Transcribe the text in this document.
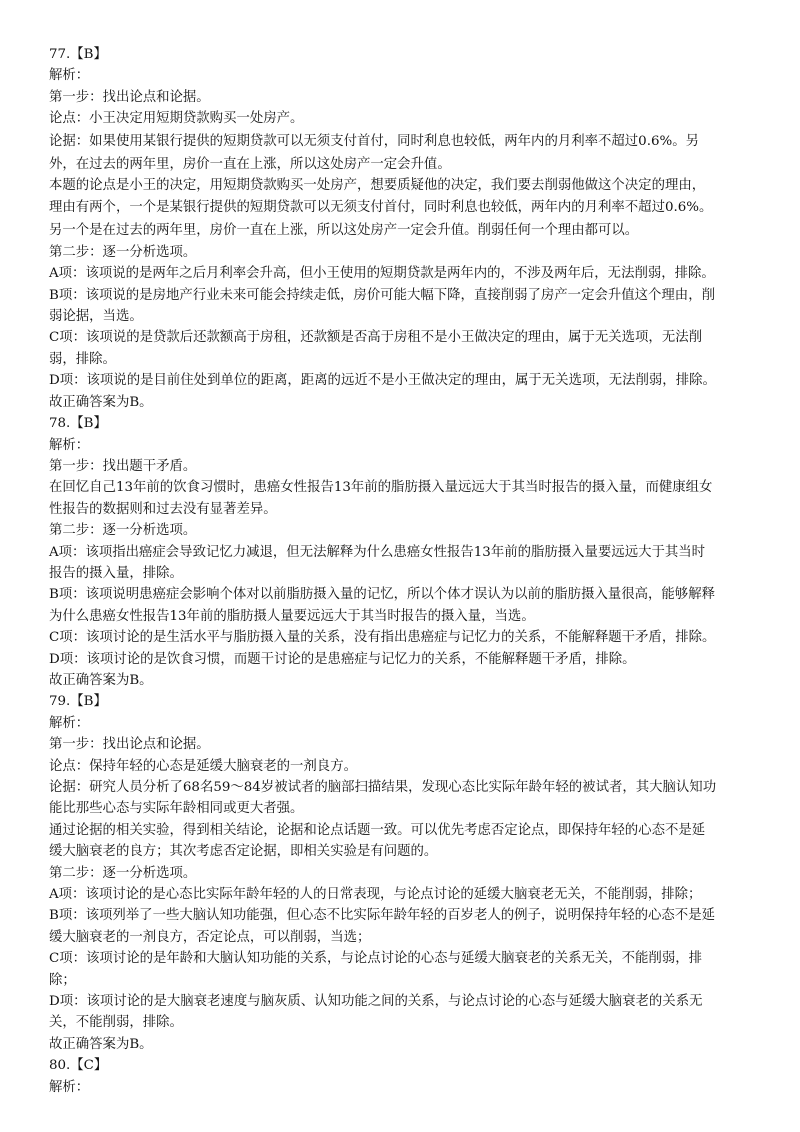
77.【B】
解析：
第一步：找出论点和论据。
论点：小王决定用短期贷款购买一处房产。
论据：如果使用某银行提供的短期贷款可以无须支付首付，同时利息也较低，两年内的月利率不超过0.6%。另
外，在过去的两年里，房价一直在上涨，所以这处房产一定会升值。
本题的论点是小王的决定，用短期贷款购买一处房产，想要质疑他的决定，我们要去削弱他做这个决定的理由，
理由有两个，一个是某银行提供的短期贷款可以无须支付首付，同时利息也较低，两年内的月利率不超过0.6%。
另一个是在过去的两年里，房价一直在上涨，所以这处房产一定会升值。削弱任何一个理由都可以。
第二步：逐一分析选项。
A项：该项说的是两年之后月利率会升高，但小王使用的短期贷款是两年内的，不涉及两年后，无法削弱，排除。
B项：该项说的是房地产行业未来可能会持续走低，房价可能大幅下降，直接削弱了房产一定会升值这个理由，削
弱论据，当选。
C项：该项说的是贷款后还款额高于房租，还款额是否高于房租不是小王做决定的理由，属于无关选项，无法削
弱，排除。
D项：该项说的是目前住处到单位的距离，距离的远近不是小王做决定的理由，属于无关选项，无法削弱，排除。
故正确答案为B。
78.【B】
解析：
第一步：找出题干矛盾。
在回忆自己13年前的饮食习惯时，患癌女性报告13年前的脂肪摄入量远远大于其当时报告的摄入量，而健康组女
性报告的数据则和过去没有显著差异。
第二步：逐一分析选项。
A项：该项指出癌症会导致记忆力减退，但无法解释为什么患癌女性报告13年前的脂肪摄入量要远远大于其当时
报告的摄入量，排除。
B项：该项说明患癌症会影响个体对以前脂肪摄入量的记忆，所以个体才误认为以前的脂肪摄入量很高，能够解释
为什么患癌女性报告13年前的脂肪摄人量要远远大于其当时报告的摄入量，当选。
C项：该项讨论的是生活水平与脂肪摄入量的关系，没有指出患癌症与记忆力的关系，不能解释题干矛盾，排除。
D项：该项讨论的是饮食习惯，而题干讨论的是患癌症与记忆力的关系，不能解释题干矛盾，排除。
故正确答案为B。
79.【B】
解析：
第一步：找出论点和论据。
论点：保持年轻的心态是延缓大脑衰老的一剂良方。
论据：研究人员分析了68名59～84岁被试者的脑部扫描结果，发现心态比实际年龄年轻的被试者，其大脑认知功
能比那些心态与实际年龄相同或更大者强。
通过论据的相关实验，得到相关结论，论据和论点话题一致。可以优先考虑否定论点，即保持年轻的心态不是延
缓大脑衰老的良方；其次考虑否定论据，即相关实验是有问题的。
第二步：逐一分析选项。
A项：该项讨论的是心态比实际年龄年轻的人的日常表现，与论点讨论的延缓大脑衰老无关，不能削弱，排除；
B项：该项列举了一些大脑认知功能强，但心态不比实际年龄年轻的百岁老人的例子，说明保持年轻的心态不是延
缓大脑衰老的一剂良方，否定论点，可以削弱，当选；
C项：该项讨论的是年龄和大脑认知功能的关系，与论点讨论的心态与延缓大脑衰老的关系无关，不能削弱，排
除；
D项：该项讨论的是大脑衰老速度与脑灰质、认知功能之间的关系，与论点讨论的心态与延缓大脑衰老的关系无
关，不能削弱，排除。
故正确答案为B。
80.【C】
解析：
